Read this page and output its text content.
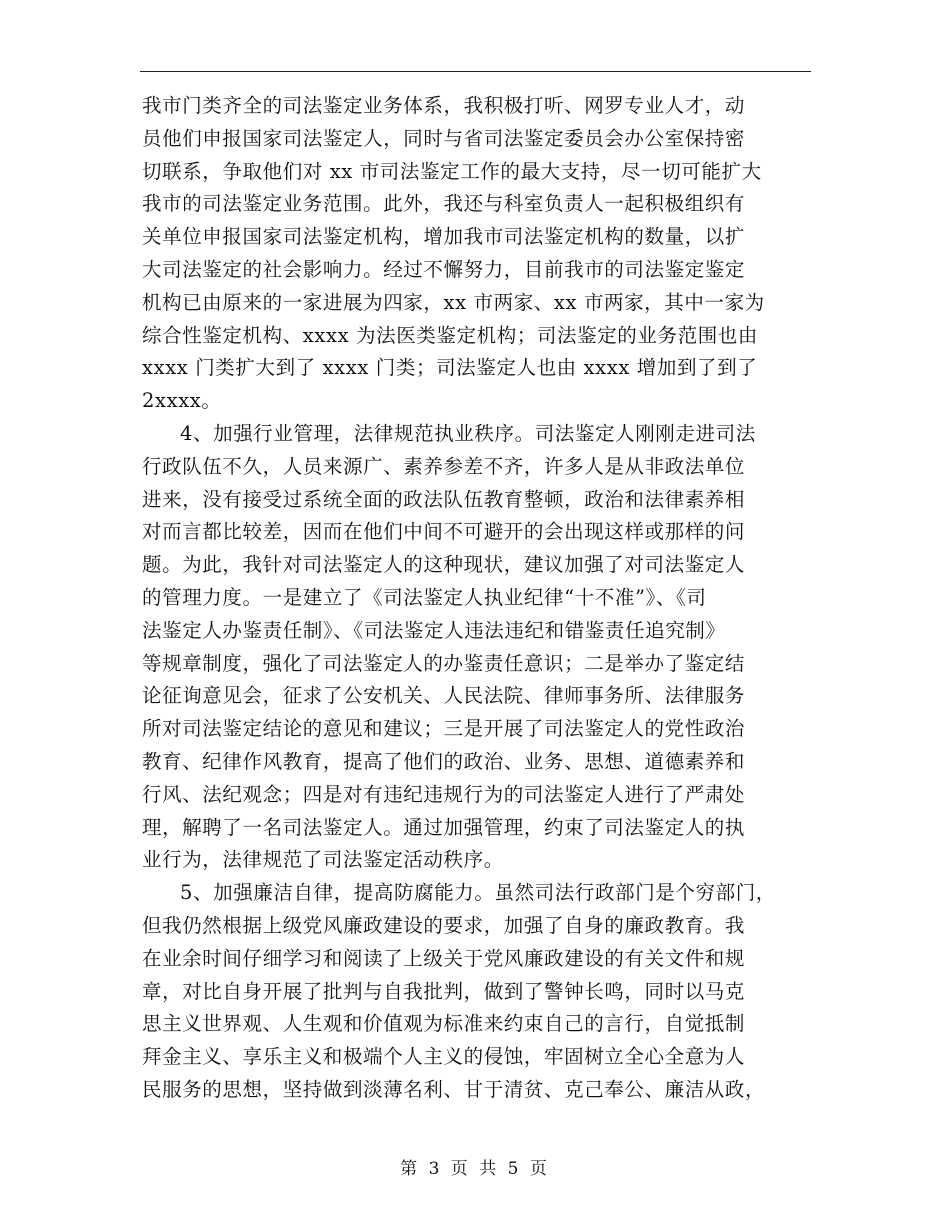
我市门类齐全的司法鉴定业务体系，我积极打听、网罗专业人才，动
员他们申报国家司法鉴定人，同时与省司法鉴定委员会办公室保持密
切联系，争取他们对 xx 市司法鉴定工作的最大支持，尽一切可能扩大
我市的司法鉴定业务范围。此外，我还与科室负责人一起积极组织有
关单位申报国家司法鉴定机构，增加我市司法鉴定机构的数量，以扩
大司法鉴定的社会影响力。经过不懈努力，目前我市的司法鉴定鉴定
机构已由原来的一家进展为四家，xx 市两家、xx 市两家，其中一家为
综合性鉴定机构、xxxx 为法医类鉴定机构；司法鉴定的业务范围也由
xxxx 门类扩大到了 xxxx 门类；司法鉴定人也由 xxxx 增加到了到了
2xxxx。
4、加强行业管理，法律规范执业秩序。司法鉴定人刚刚走进司法
行政队伍不久，人员来源广、素养参差不齐，许多人是从非政法单位
进来，没有接受过系统全面的政法队伍教育整顿，政治和法律素养相
对而言都比较差，因而在他们中间不可避开的会出现这样或那样的问
题。为此，我针对司法鉴定人的这种现状，建议加强了对司法鉴定人
的管理力度。一是建立了《司法鉴定人执业纪律“十不准”》、《司
法鉴定人办鉴责任制》、《司法鉴定人违法违纪和错鉴责任追究制》
等规章制度，强化了司法鉴定人的办鉴责任意识；二是举办了鉴定结
论征询意见会，征求了公安机关、人民法院、律师事务所、法律服务
所对司法鉴定结论的意见和建议；三是开展了司法鉴定人的党性政治
教育、纪律作风教育，提高了他们的政治、业务、思想、道德素养和
行风、法纪观念；四是对有违纪违规行为的司法鉴定人进行了严肃处
理，解聘了一名司法鉴定人。通过加强管理，约束了司法鉴定人的执
业行为，法律规范了司法鉴定活动秩序。
5、加强廉洁自律，提高防腐能力。虽然司法行政部门是个穷部门，
但我仍然根据上级党风廉政建设的要求，加强了自身的廉政教育。我
在业余时间仔细学习和阅读了上级关于党风廉政建设的有关文件和规
章，对比自身开展了批判与自我批判，做到了警钟长鸣，同时以马克
思主义世界观、人生观和价值观为标准来约束自己的言行，自觉抵制
拜金主义、享乐主义和极端个人主义的侵蚀，牢固树立全心全意为人
民服务的思想，坚持做到淡薄名利、甘于清贫、克己奉公、廉洁从政，
第 3 页 共 5 页
